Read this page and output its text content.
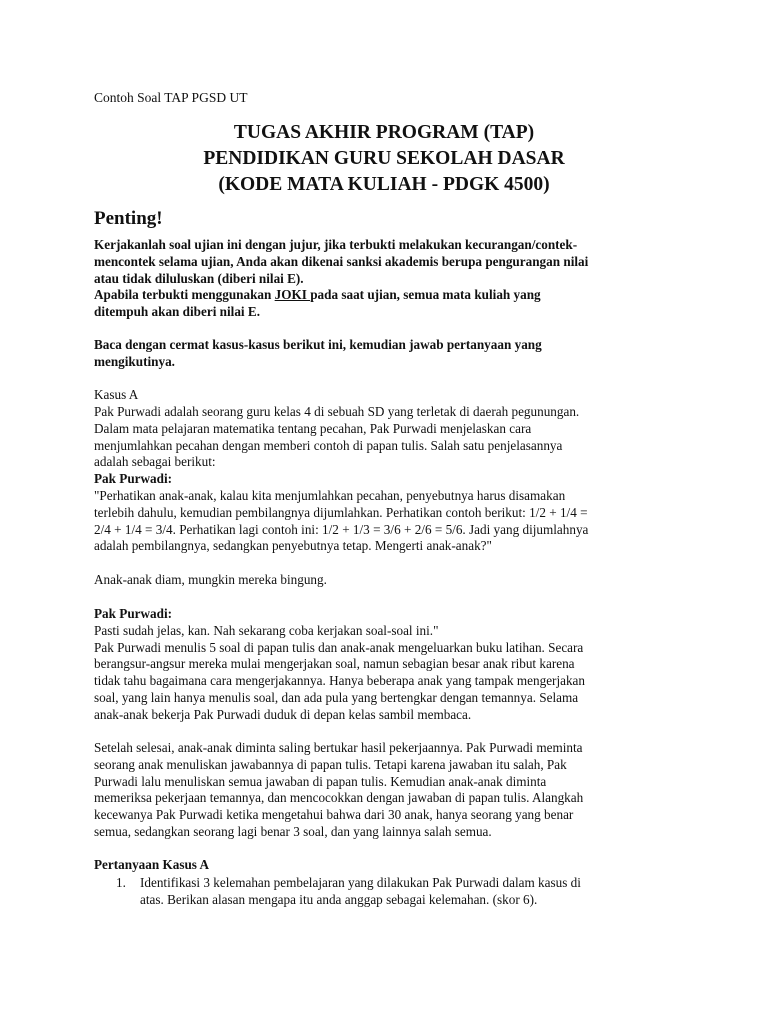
Contoh Soal TAP PGSD UT
TUGAS AKHIR PROGRAM (TAP)
PENDIDIKAN GURU SEKOLAH DASAR
(KODE MATA KULIAH - PDGK 4500)
Penting!
Kerjakanlah soal ujian ini dengan jujur, jika terbukti melakukan kecurangan/contek-
mencontek selama ujian, Anda akan dikenai sanksi akademis berupa pengurangan nilai
atau tidak diluluskan (diberi nilai E).
Apabila terbukti menggunakan JOKI pada saat ujian, semua mata kuliah yang
ditempuh akan diberi nilai E.
Baca dengan cermat kasus-kasus berikut ini, kemudian jawab pertanyaan yang
mengikutinya.
Kasus A
Pak Purwadi adalah seorang guru kelas 4 di sebuah SD yang terletak di daerah pegunungan.
Dalam mata pelajaran matematika tentang pecahan, Pak Purwadi menjelaskan cara
menjumlahkan pecahan dengan memberi contoh di papan tulis. Salah satu penjelasannya
adalah sebagai berikut:
Pak Purwadi:
"Perhatikan anak-anak, kalau kita menjumlahkan pecahan, penyebutnya harus disamakan
terlebih dahulu, kemudian pembilangnya dijumlahkan. Perhatikan contoh berikut: 1/2 + 1/4 =
2/4 + 1/4 = 3/4. Perhatikan lagi contoh ini: 1/2 + 1/3 = 3/6 + 2/6 = 5/6. Jadi yang dijumlahnya
adalah pembilangnya, sedangkan penyebutnya tetap. Mengerti anak-anak?"
Anak-anak diam, mungkin mereka bingung.
Pak Purwadi:
Pasti sudah jelas, kan. Nah sekarang coba kerjakan soal-soal ini."
Pak Purwadi menulis 5 soal di papan tulis dan anak-anak mengeluarkan buku latihan. Secara
berangsur-angsur mereka mulai mengerjakan soal, namun sebagian besar anak ribut karena
tidak tahu bagaimana cara mengerjakannya. Hanya beberapa anak yang tampak mengerjakan
soal, yang lain hanya menulis soal, dan ada pula yang bertengkar dengan temannya. Selama
anak-anak bekerja Pak Purwadi duduk di depan kelas sambil membaca.
Setelah selesai, anak-anak diminta saling bertukar hasil pekerjaannya. Pak Purwadi meminta
seorang anak menuliskan jawabannya di papan tulis. Tetapi karena jawaban itu salah, Pak
Purwadi lalu menuliskan semua jawaban di papan tulis. Kemudian anak-anak diminta
memeriksa pekerjaan temannya, dan mencocokkan dengan jawaban di papan tulis. Alangkah
kecewanya Pak Purwadi ketika mengetahui bahwa dari 30 anak, hanya seorang yang benar
semua, sedangkan seorang lagi benar 3 soal, dan yang lainnya salah semua.
Pertanyaan Kasus A
1. Identifikasi 3 kelemahan pembelajaran yang dilakukan Pak Purwadi dalam kasus di
atas. Berikan alasan mengapa itu anda anggap sebagai kelemahan. (skor 6).
